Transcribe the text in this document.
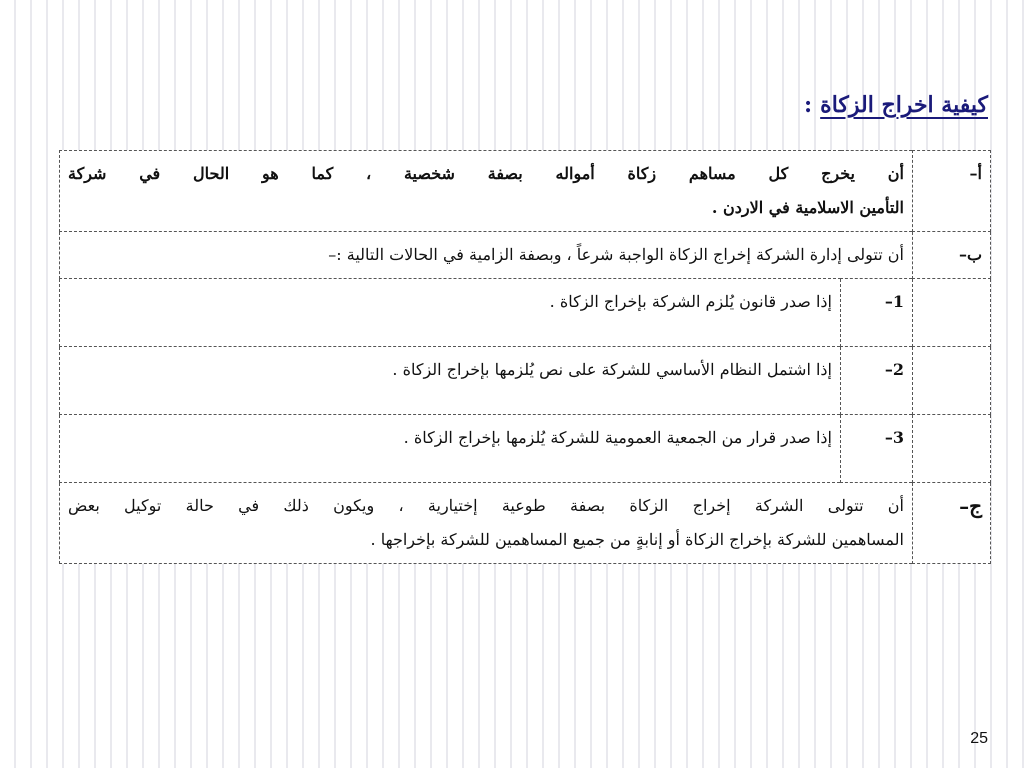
كيفية اخراج الزكاة
:
أ–	أن يخرج كل مساهم زكاة أمواله بصفة شخصية ، كما هو الحال في شركة
التأمين الاسلامية في الاردن .	

ب–	أن تتولى إدارة الشركة إخراج الزكاة الواجبة شرعاً ، وبصفة الزامية في الحالات التالية :–	
	1–	إذا صدر قانون يُلزم الشركة بإخراج الزكاة .
	2–	إذا اشتمل النظام الأساسي للشركة على نص يُلزمها بإخراج الزكاة .
	3–	إذا صدر قرار من الجمعية العمومية للشركة يُلزمها بإخراج الزكاة .
ج–	أن تتولى الشركة إخراج الزكاة بصفة طوعية إختيارية ، ويكون ذلك في حالة توكيل بعض
المساهمين للشركة بإخراج الزكاة أو إنابةٍ من جميع المساهمين للشركة بإخراجها .	
25
